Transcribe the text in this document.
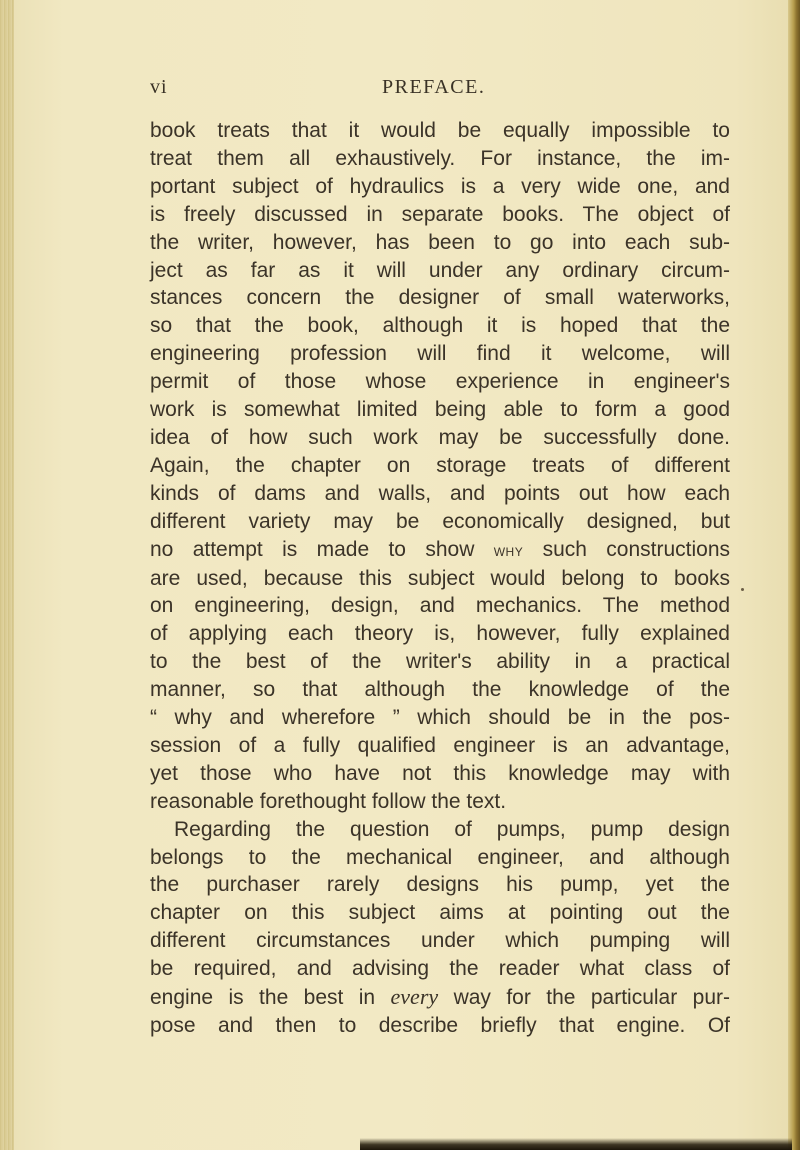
vi	PREFACE.
book treats that it would be equally impossible to
treat them all exhaustively. For instance, the im-
portant subject of hydraulics is a very wide one, and
is freely discussed in separate books. The object of
the writer, however, has been to go into each sub-
ject as far as it will under any ordinary circum-
stances concern the designer of small waterworks,
so that the book, although it is hoped that the
engineering profession will find it welcome, will
permit of those whose experience in engineer's
work is somewhat limited being able to form a good
idea of how such work may be successfully done.
Again, the chapter on storage treats of different
kinds of dams and walls, and points out how each
different variety may be economically designed, but
no attempt is made to show why such constructions
are used, because this subject would belong to books
on engineering, design, and mechanics. The method
of applying each theory is, however, fully explained
to the best of the writer's ability in a practical
manner, so that although the knowledge of the
“ why and wherefore ” which should be in the pos-
session of a fully qualified engineer is an advantage,
yet those who have not this knowledge may with
reasonable forethought follow the text.
Regarding the question of pumps, pump design
belongs to the mechanical engineer, and although
the purchaser rarely designs his pump, yet the
chapter on this subject aims at pointing out the
different circumstances under which pumping will
be required, and advising the reader what class of
engine is the best in every way for the particular pur-
pose and then to describe briefly that engine. Of
